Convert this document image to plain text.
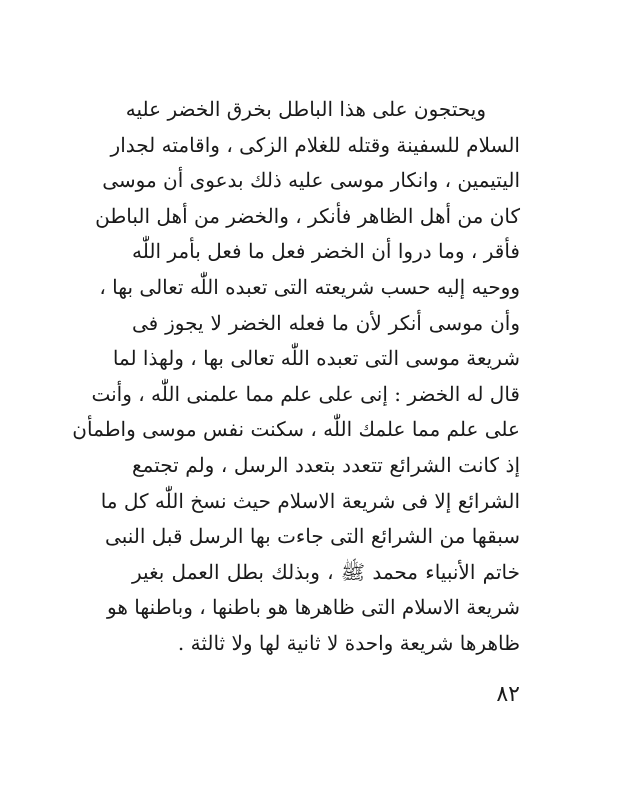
ويحتجون على هذا الباطل بخرق الخضر عليه
السلام للسفينة وقتله للغلام الزكى ، واقامته لجدار
اليتيمين ، وانكار موسى عليه ذلك بدعوى أن موسى
كان من أهل الظاهر فأنكر ، والخضر من أهل الباطن
فأقر ، وما دروا أن الخضر فعل ما فعل بأمر اللّٰه
ووحيه إليه حسب شريعته التى تعبده اللّٰه تعالى بها ،
وأن موسى أنكر لأن ما فعله الخضر لا يجوز فى
شريعة موسى التى تعبده اللّٰه تعالى بها ، ولهذا لما
قال له الخضر : إنى على علم مما علمنى اللّٰه ، وأنت
على علم مما علمك اللّٰه ، سكنت نفس موسى واطمأن
إذ كانت الشرائع تتعدد بتعدد الرسل ، ولم تجتمع
الشرائع إلا فى شريعة الاسلام حيث نسخ اللّٰه كل ما
سبقها من الشرائع التى جاءت بها الرسل قبل النبى
خاتم الأنبياء محمد ﷺ ، وبذلك بطل العمل بغير
شريعة الاسلام التى ظاهرها هو باطنها ، وباطنها هو
ظاهرها شريعة واحدة لا ثانية لها ولا ثالثة .
٨٢
